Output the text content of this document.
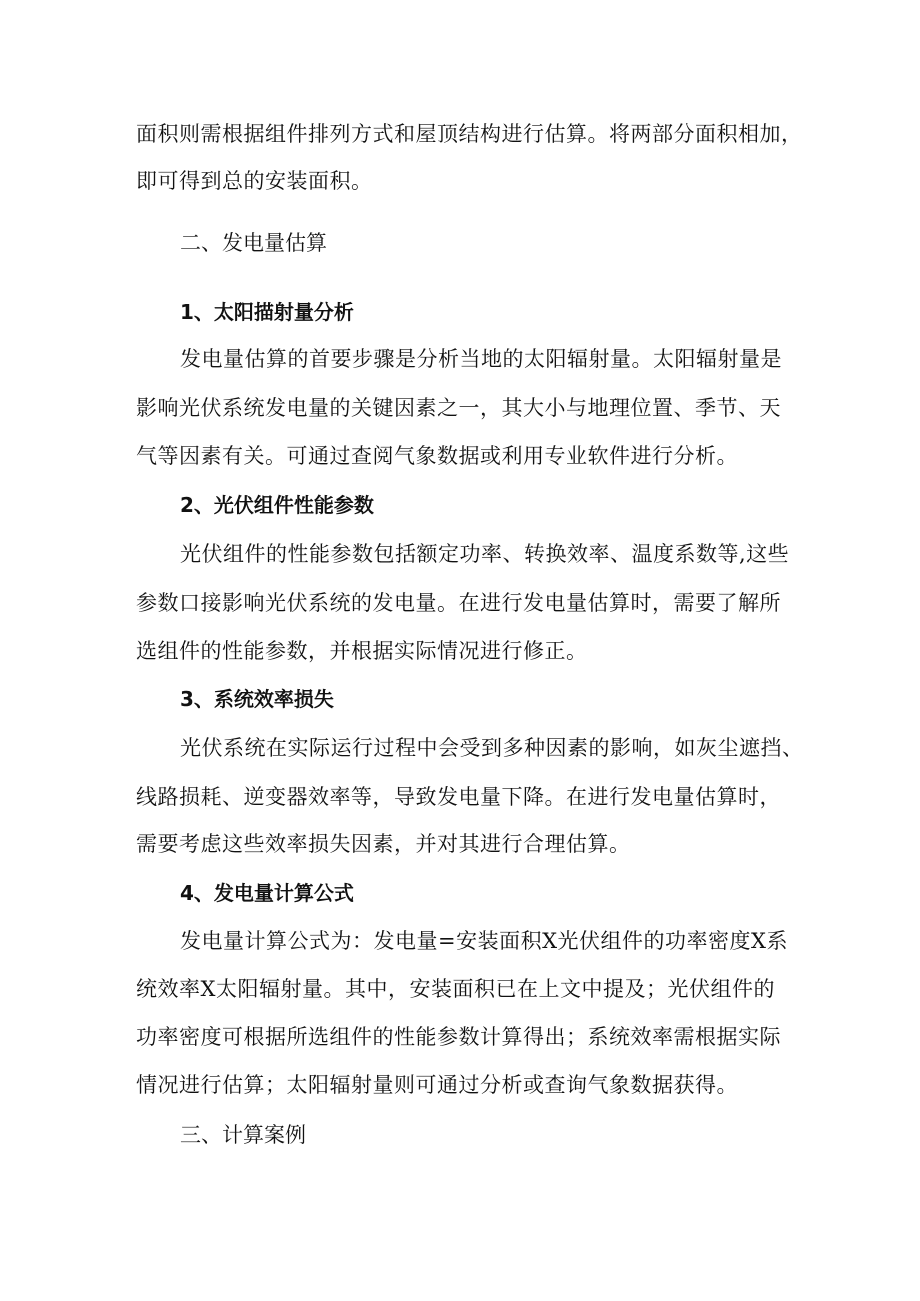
面积则需根据组件排列方式和屋顶结构进行估算。将两部分面积相加，
即可得到总的安装面积。
二、发电量估算
1、太阳描射量分析
发电量估算的首要步骤是分析当地的太阳辐射量。太阳辐射量是
影响光伏系统发电量的关键因素之一，其大小与地理位置、季节、天
气等因素有关。可通过查阅气象数据或利用专业软件进行分析。
2、光伏组件性能参数
光伏组件的性能参数包括额定功率、转换效率、温度系数等,这些
参数口接影响光伏系统的发电量。在进行发电量估算时，需要了解所
选组件的性能参数，并根据实际情况进行修正。
3、系统效率损失
光伏系统在实际运行过程中会受到多种因素的影响，如灰尘遮挡、
线路损耗、逆变器效率等，导致发电量下降。在进行发电量估算时，
需要考虑这些效率损失因素，并对其进行合理估算。
4、发电量计算公式
发电量计算公式为：发电量=安装面积X光伏组件的功率密度X系
统效率X太阳辐射量。其中，安装面积已在上文中提及；光伏组件的
功率密度可根据所选组件的性能参数计算得出；系统效率需根据实际
情况进行估算；太阳辐射量则可通过分析或查询气象数据获得。
三、计算案例
